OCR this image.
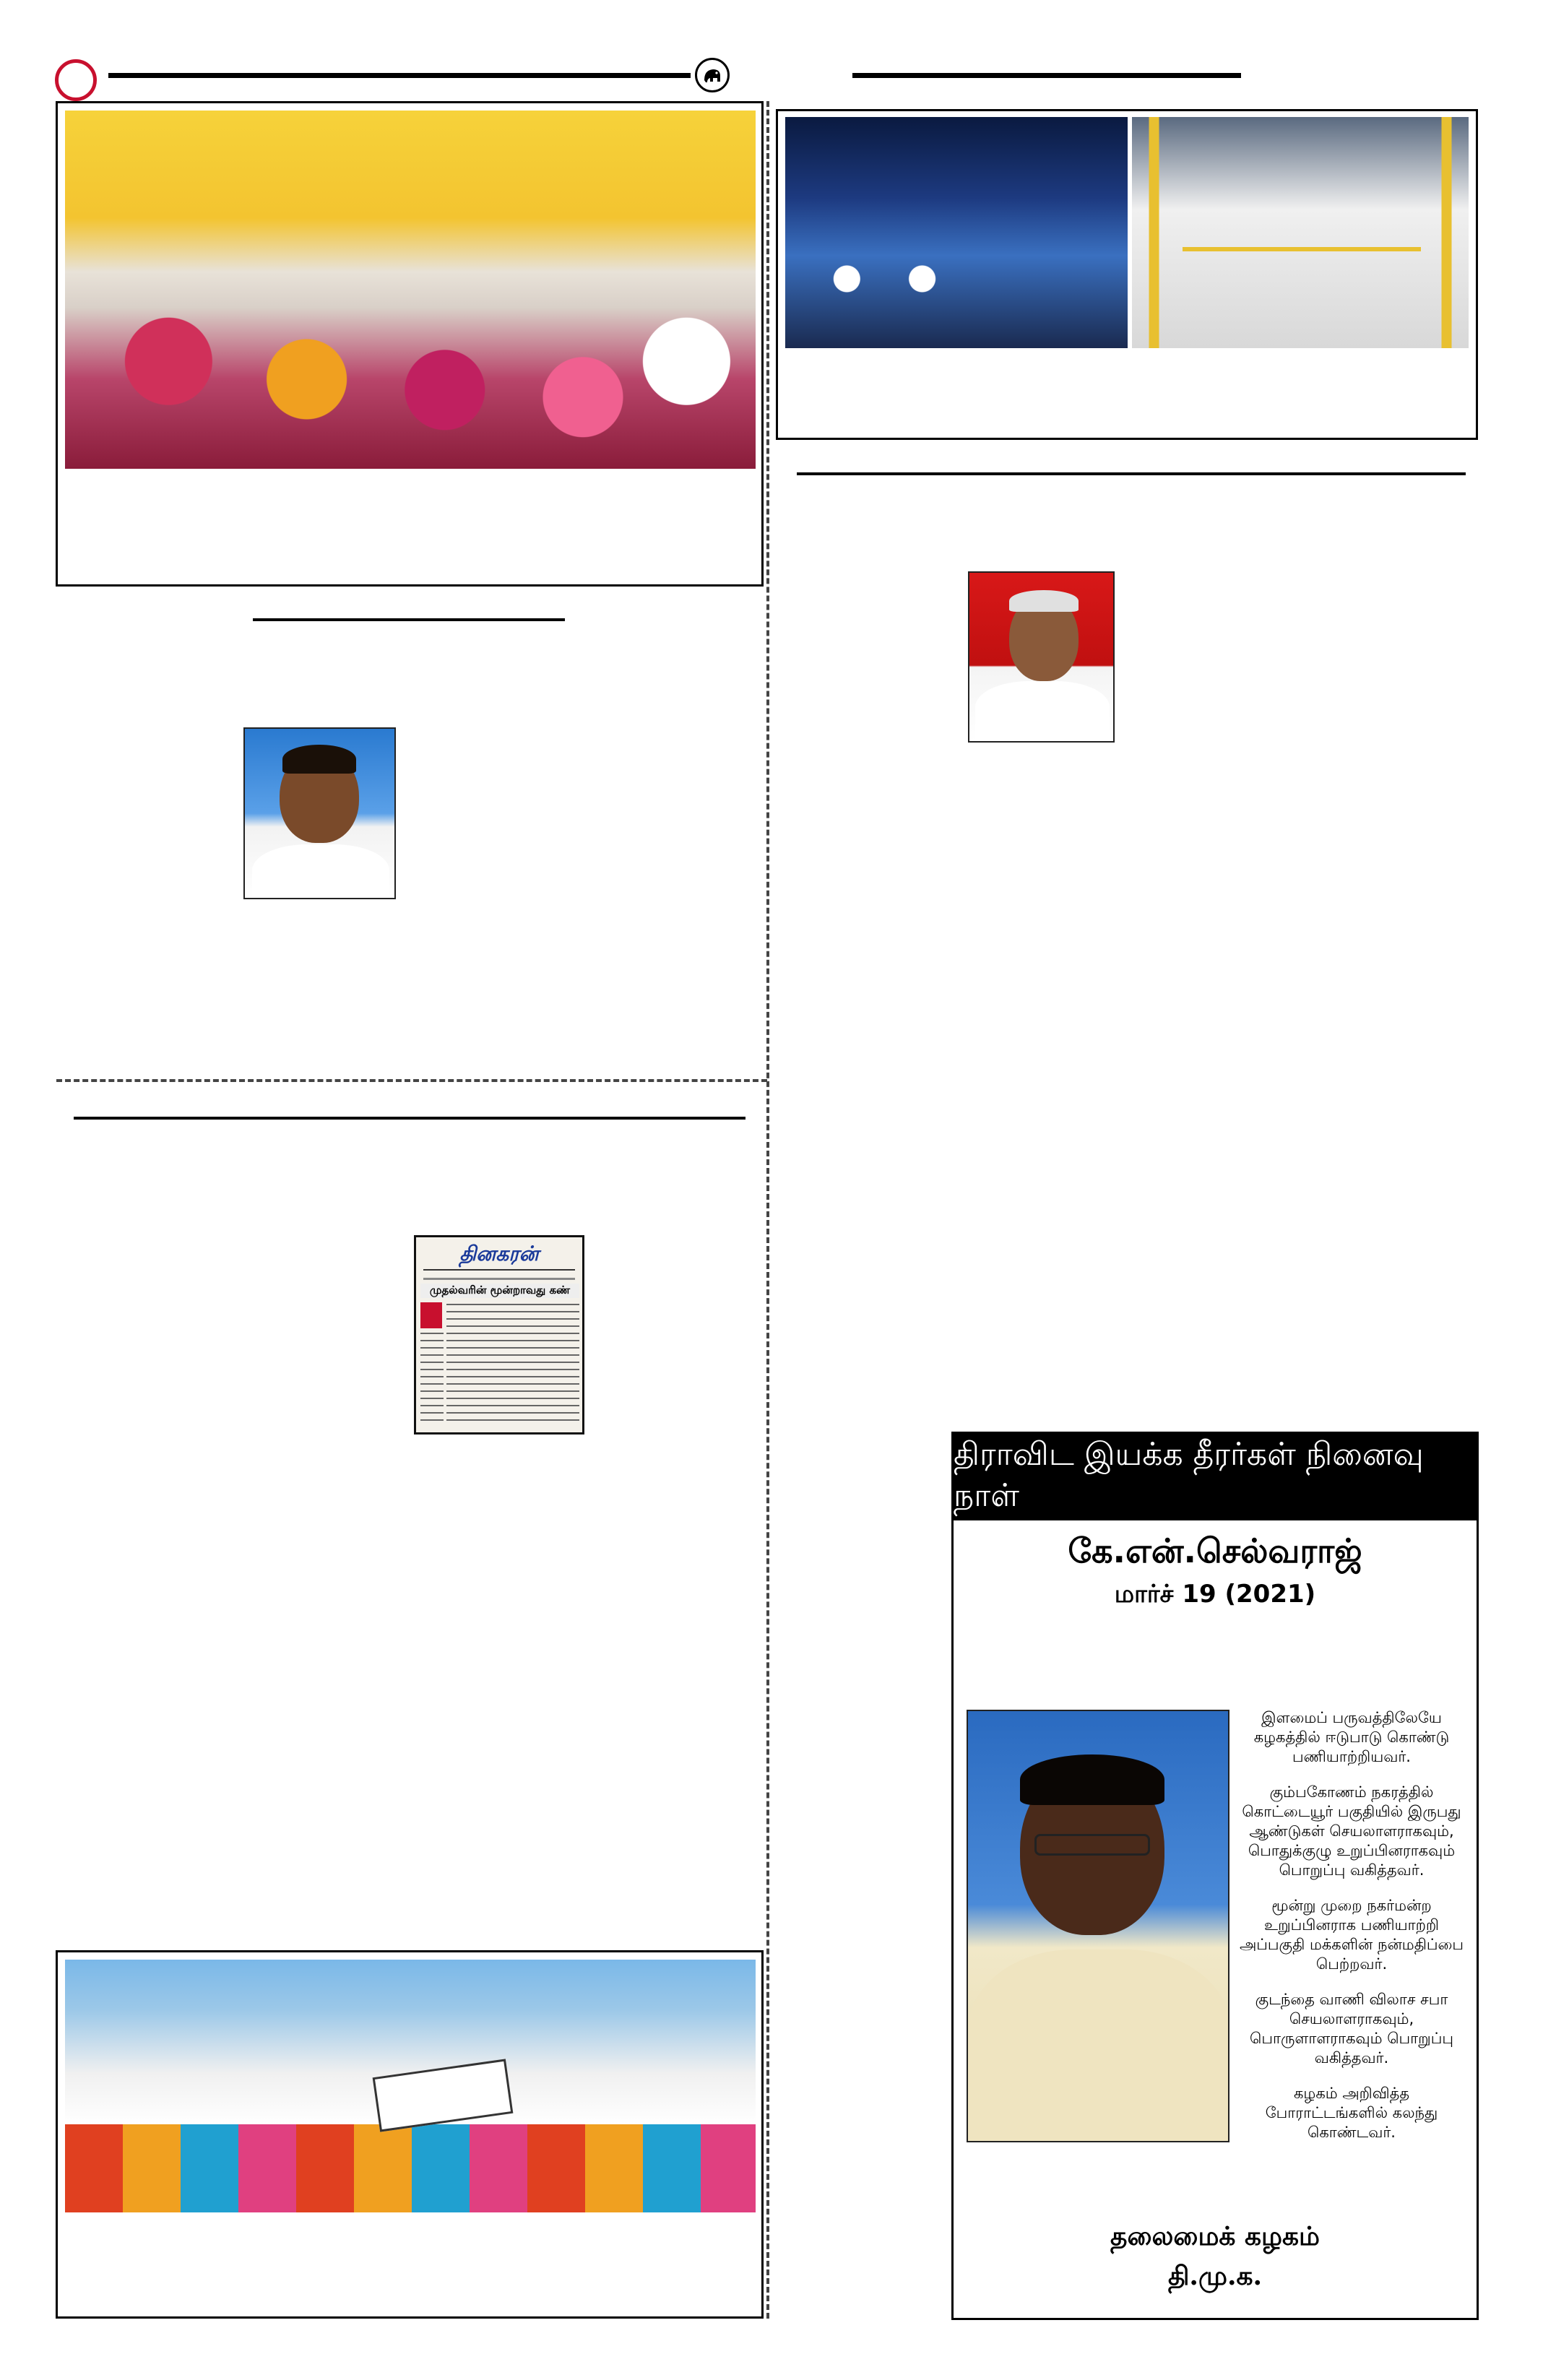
தினகரன்
முதல்வரின் மூன்றாவது கண்
திராவிட இயக்க தீரர்கள் நினைவு நாள்
கே.என்.செல்வராஜ்
மார்ச் 19 (2021)

இளமைப் பருவத்திலேயே கழகத்தில் ஈடுபாடு கொண்டு பணியாற்றியவர்.

கும்பகோணம் நகரத்தில் கொட்டையூர் பகுதியில் இருபது ஆண்டுகள் செயலாளராகவும், பொதுக்குழு உறுப்பினராகவும் பொறுப்பு வகித்தவர்.

மூன்று முறை நகர்மன்ற உறுப்பினராக பணியாற்றி அப்பகுதி மக்களின் நன்மதிப்பை பெற்றவர்.

குடந்தை வாணி விலாச சபா செயலாளராகவும், பொருளாளராகவும் பொறுப்பு வகித்தவர்.

கழகம் அறிவித்த போராட்டங்களில் கலந்து கொண்டவர்.

தலைமைக் கழகம்
தி.மு.க.
